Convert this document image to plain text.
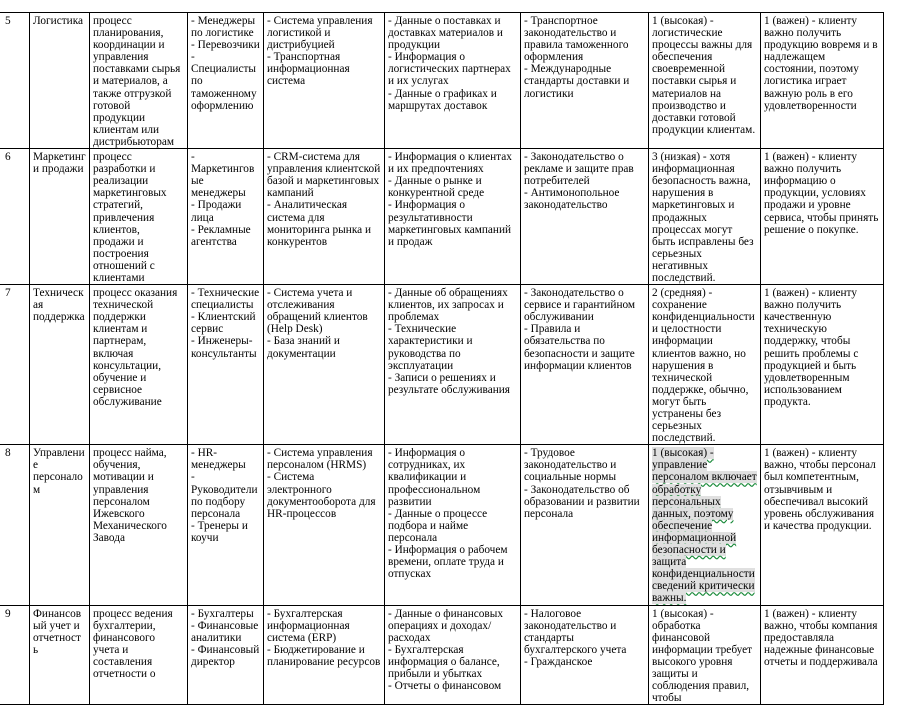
5	Логистика	процесс планирования, координации и управления поставками сырья и материалов, а также отгрузкой готовой продукции клиентам или дистрибьюторам	- Менеджеры по логистике
- Перевозчики
- Специалисты по таможенному оформлению	- Система управления логистикой и дистрибуцией
- Транспортная информационная система	- Данные о поставках и доставках материалов и продукции
- Информация о логистических партнерах и их услугах
- Данные о графиках и маршрутах доставок	- Транспортное законодательство и правила таможенного оформления
- Международные стандарты доставки и логистики	1 (высокая) - логистические процессы важны для обеспечения своевременной поставки сырья и материалов на производство и доставки готовой продукции клиентам.	1 (важен) - клиенту важно получить продукцию вовремя и в надлежащем состоянии, поэтому логистика играет важную роль в его удовлетворенности
6	Маркетинг и продажи	процесс разработки и реализации маркетинговых стратегий, привлечения клиентов, продажи и построения отношений с клиентами	- Маркетинговые менеджеры
- Продажи лица
- Рекламные агентства	- CRM-система для управления клиентской базой и маркетинговых кампаний
- Аналитическая система для мониторинга рынка и конкурентов	- Информация о клиентах и их предпочтениях
- Данные о рынке и конкурентной среде
- Информация о результативности маркетинговых кампаний и продаж	- Законодательство о рекламе и защите прав потребителей
- Антимонопольное законодательство	3 (низкая) - хотя информационная безопасность важна, нарушения в маркетинговых и продажных процессах могут быть исправлены без серьезных негативных последствий.	1 (важен) - клиенту важно получить информацию о продукции, условиях продажи и уровне сервиса, чтобы принять решение о покупке.
7	Техническая поддержка	процесс оказания технической поддержки клиентам и партнерам, включая консультации, обучение и сервисное обслуживание	- Технические специалисты
- Клиентский сервис
- Инженеры-консультанты	- Система учета и отслеживания обращений клиентов (Help Desk)
- База знаний и документации	- Данные об обращениях клиентов, их запросах и проблемах
- Технические характеристики и руководства по эксплуатации
- Записи о решениях и результате обслуживания	- Законодательство о сервисе и гарантийном обслуживании
- Правила и обязательства по безопасности и защите информации клиентов	2 (средняя) - сохранение конфиденциальности и целостности информации клиентов важно, но нарушения в технической поддержке, обычно, могут быть устранены без серьезных последствий.	1 (важен) - клиенту важно получить качественную техническую поддержку, чтобы решить проблемы с продукцией и быть удовлетворенным использованием продукта.
8	Управление персоналом	процесс найма, обучения, мотивации и управления персоналом Ижевского Механического Завода	- HR-менеджеры
- Руководители по подбору персонала
- Тренеры и коучи	- Система управления персоналом (HRMS)
- Система электронного документооборота для HR-процессов	- Информация о сотрудниках, их квалификации и профессиональном развитии
- Данные о процессе подбора и найме персонала
- Информация о рабочем времени, оплате труда и отпусках	- Трудовое законодательство и социальные нормы
- Законодательство об образовании и развитии персонала	1 (высокая) - управление персоналом включает обработку персональных данных, поэтому обеспечение информационной безопасности и защита конфиденциальности сведений критически важны.	1 (важен) - клиенту важно, чтобы персонал был компетентным, отзывчивым и обеспечивал высокий уровень обслуживания и качества продукции.
9	Финансовый учет и отчетность	процесс ведения бухгалтерии, финансового учета и составления отчетности о	- Бухгалтеры
- Финансовые аналитики
- Финансовый директор	- Бухгалтерская информационная система (ERP)
- Бюджетирование и планирование ресурсов	- Данные о финансовых операциях и доходах/расходах
- Бухгалтерская информация о балансе, прибыли и убытках
- Отчеты о финансовом	- Налоговое законодательство и стандарты бухгалтерского учета
- Гражданское	1 (высокая) - обработка финансовой информации требует высокого уровня защиты и соблюдения правил, чтобы	1 (важен) - клиенту важно, чтобы компания предоставляла надежные финансовые отчеты и поддерживала
